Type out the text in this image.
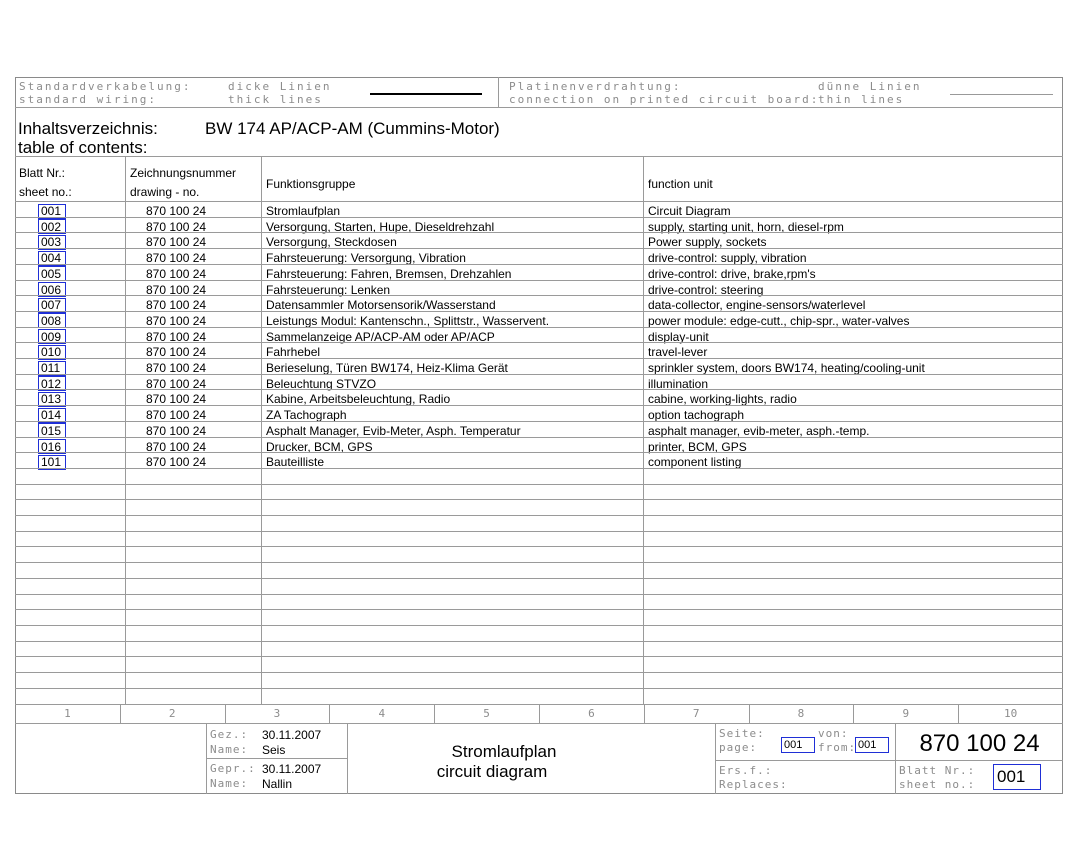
Standardverkabelung:
standard wiring:
dicke Linien
thick lines
Platinenverdrahtung:
connection on printed circuit board:
dünne Linien
thin lines
Inhaltsverzeichnis:
table of contents:
BW 174 AP/ACP-AM (Cummins-Motor)
Blatt Nr.:
sheet no.:
Zeichnungsnummer
drawing - no.
Funktionsgruppe	function unit
001	870 100 24	Stromlaufplan	Circuit Diagram
002	870 100 24	Versorgung, Starten, Hupe, Dieseldrehzahl	supply, starting unit, horn, diesel-rpm
003	870 100 24	Versorgung, Steckdosen	Power supply, sockets
004	870 100 24	Fahrsteuerung: Versorgung, Vibration	drive-control: supply, vibration
005	870 100 24	Fahrsteuerung: Fahren, Bremsen, Drehzahlen	drive-control: drive, brake,rpm's
006	870 100 24	Fahrsteuerung: Lenken	drive-control: steering
007	870 100 24	Datensammler Motorsensorik/Wasserstand	data-collector, engine-sensors/waterlevel
008	870 100 24	Leistungs Modul: Kantenschn., Splittstr., Wasservent.	power module: edge-cutt., chip-spr., water-valves
009	870 100 24	Sammelanzeige AP/ACP-AM oder AP/ACP	display-unit
010	870 100 24	Fahrhebel	travel-lever
011	870 100 24	Berieselung, Türen BW174, Heiz-Klima Gerät	sprinkler system, doors BW174, heating/cooling-unit
012	870 100 24	Beleuchtung STVZO	illumination
013	870 100 24	Kabine, Arbeitsbeleuchtung, Radio	cabine, working-lights, radio
014	870 100 24	ZA Tachograph	option tachograph
015	870 100 24	Asphalt Manager, Evib-Meter, Asph. Temperatur	asphalt manager, evib-meter, asph.-temp.
016	870 100 24	Drucker, BCM, GPS	printer, BCM, GPS
101	870 100 24	Bauteilliste	component listing
1	2	3	4	5	6	7	8	9	10
Gez.: 30.11.2007
Name: Seis
Gepr.: 30.11.2007
Name: Nallin
Stromlaufplan
circuit diagram
Seite:
page: 001
von:
from: 001
Ers.f.:
Replaces:
870 100 24
Blatt Nr.:
sheet no.: 001
